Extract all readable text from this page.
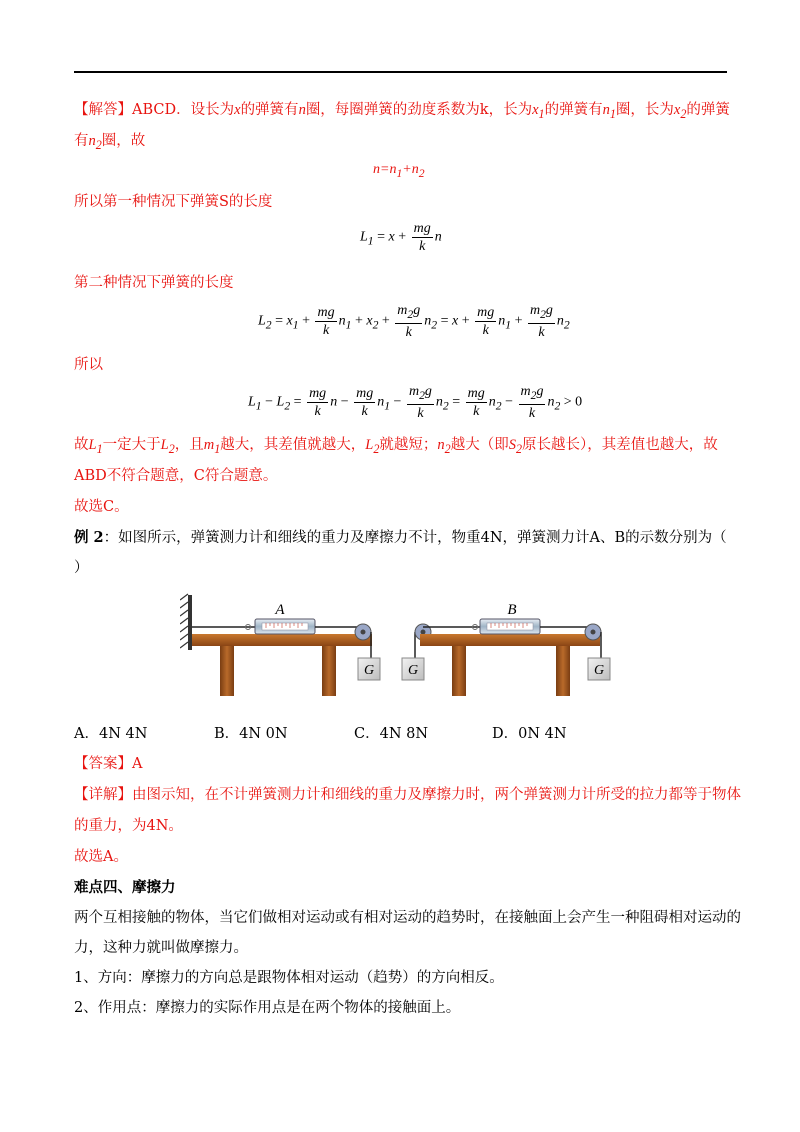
【解答】ABCD．设长为x的弹簧有n圈，每圈弹簧的劲度系数为k，长为$x_1$的弹簧有$n_1$圈，长为$x_2$的弹簧
有$n_2$圈，故
$n=n_1+n_2$
所以第一种情况下弹簧S的长度
$L_1 = x + \frac{mg}{k}$ n
第二种情况下弹簧的长度
$L_2 = x_1 + \frac{mg}{k} n_1 + x_2 + \frac{m_2g}{k} n_2 = x + \frac{mg}{k} n_1 + \frac{m_2g}{k} n_2$
所以
$L_1 - L_2 = \frac{mg}{k}$ $n - \frac{mg}{k} n_1 - \frac{m_2g}{k} n_2 = \frac{mg}{k} n_2 - \frac{m_2g}{k} n_2 > 0$
故$L_1$一定大于$L_2$，且$m_1$越大，其差值就越大，$L_2$就越短；$n_2$越大（即$S_2$原长越长），其差值也越大，故
ABD不符合题意，C符合题意。
故选C。
例 2：如图所示，弹簧测力计和细线的重力及摩擦力不计，物重4N，弹簧测力计A、B的示数分别为（
）
A
G G
B
G
A．4N 4N	B．4N 0N	C．4N 8N	D．0N 4N
【答案】A
【详解】由图示知，在不计弹簧测力计和细线的重力及摩擦力时，两个弹簧测力计所受的拉力都等于物体
的重力，为4N。
故选A。
难点四、摩擦力
两个互相接触的物体，当它们做相对运动或有相对运动的趋势时，在接触面上会产生一种阻碍相对运动的
力，这种力就叫做摩擦力。
1、方向：摩擦力的方向总是跟物体相对运动（趋势）的方向相反。
2、作用点：摩擦力的实际作用点是在两个物体的接触面上。
